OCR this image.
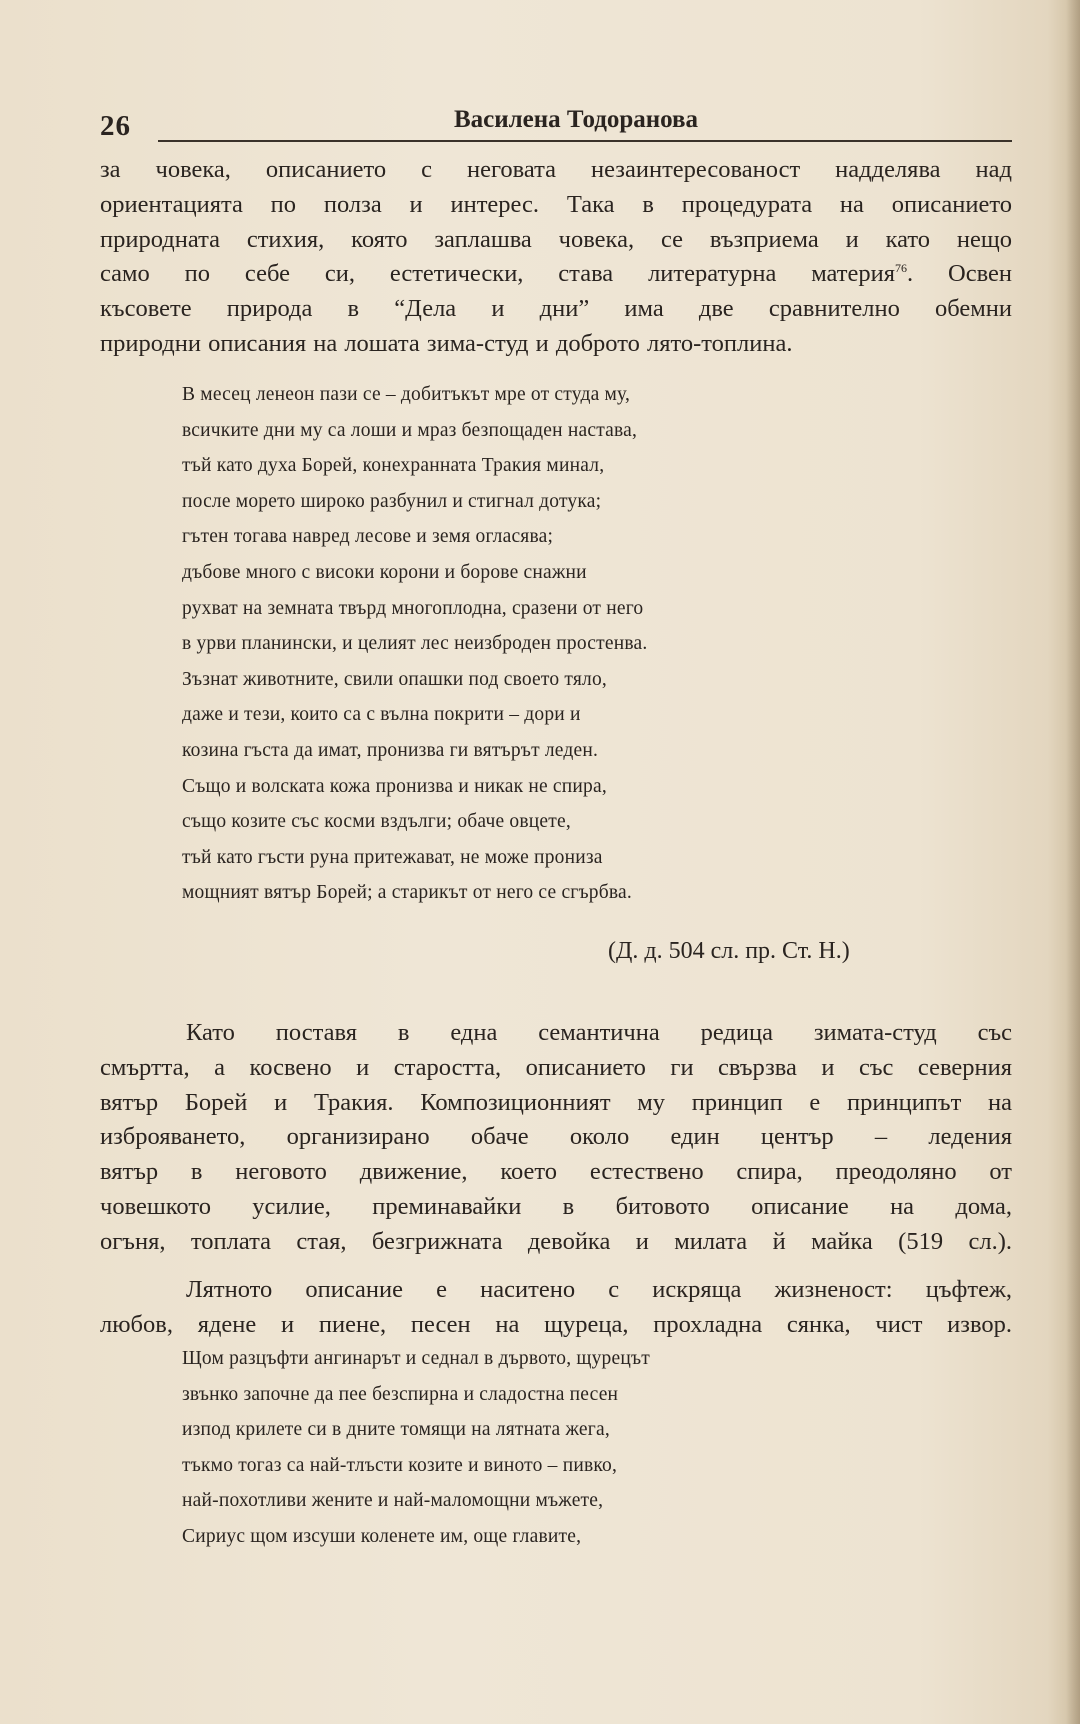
26	Василена Тодоранова
за човека, описанието с неговата незаинтересованост надделява над
ориентацията по полза и интерес. Така в процедурата на описанието
природната стихия, която заплашва човека, се възприема и като нещо
само по себе си, естетически, става литературна материя$^{76}$. Освен
късовете природа в “Дела и дни” има две сравнително обемни
природни описания на лошата зима-студ и доброто лято-топлина.
В месец ленеон пази се – добитъкът мре от студа му,
всичките дни му са лоши и мраз безпощаден настава,
тъй като духа Борей, конехранната Тракия минал,
после морето широко разбунил и стигнал дотука;
гътен тогава навред лесове и земя огласява;
дъбове много с високи корони и борове снажни
рухват на земната твърд многоплодна, сразени от него
в урви планински, и целият лес неизброден простенва.
Зъзнат животните, свили опашки под своето тяло,
даже и тези, които са с вълна покрити – дори и
козина гъста да имат, пронизва ги вятърът леден.
Също и волската кожа пронизва и никак не спира,
също козите със косми вздълги; обаче овцете,
тъй като гъсти руна притежават, не може прониза
мощният вятър Борей; а старикът от него се сгърбва.
(Д. д. 504 сл. пр. Ст. Н.)
Като поставя в една семантична редица зимата-студ със
смъртта, а косвено и старостта, описанието ги свързва и със северния
вятър Борей и Тракия. Композиционният му принцип е принципът на
изброяването, организирано обаче около един център – ледения
вятър в неговото движение, което естествено спира, преодоляно от
човешкото усилие, преминавайки в битовото описание на дома,
огъня, топлата стая, безгрижната девойка и милата й майка (519 сл.).
Лятното описание е наситено с искряща жизненост: цъфтеж,
любов, ядене и пиене, песен на щуреца, прохладна сянка, чист извор.
Щом разцъфти ангинарът и седнал в дървото, щурецът
звънко започне да пее безспирна и сладостна песен
изпод крилете си в дните томящи на лятната жега,
тъкмо тогаз са най-тлъсти козите и виното – пивко,
най-похотливи жените и най-маломощни мъжете,
Сириус щом изсуши коленете им, още главите,
